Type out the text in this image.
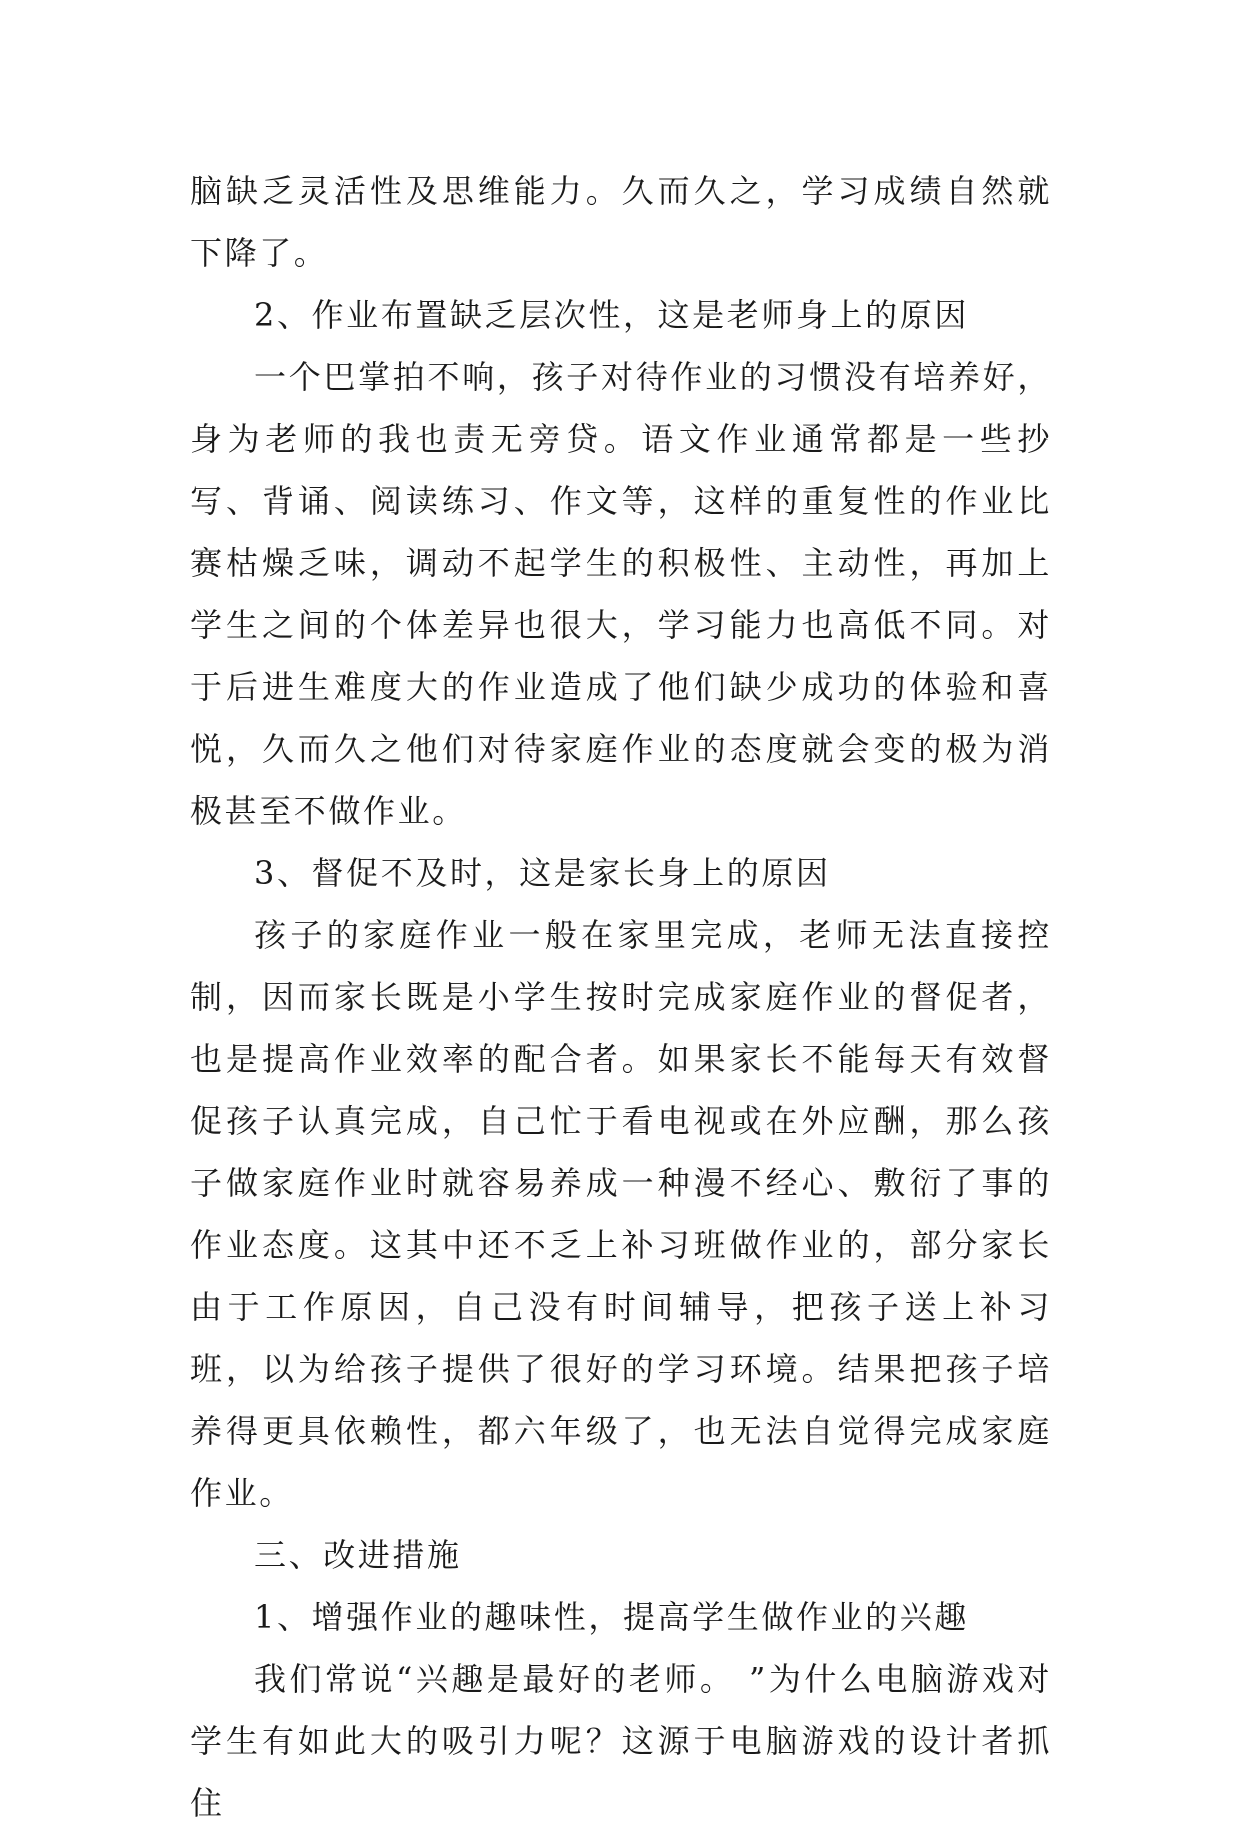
脑缺乏灵活性及思维能力。久而久之，学习成绩自然就下降了。

2、作业布置缺乏层次性，这是老师身上的原因

一个巴掌拍不响，孩子对待作业的习惯没有培养好，身为老师的我也责无旁贷。语文作业通常都是一些抄写、背诵、阅读练习、作文等，这样的重复性的作业比赛枯燥乏味，调动不起学生的积极性、主动性，再加上学生之间的个体差异也很大，学习能力也高低不同。对于后进生难度大的作业造成了他们缺少成功的体验和喜悦，久而久之他们对待家庭作业的态度就会变的极为消极甚至不做作业。

3、督促不及时，这是家长身上的原因

孩子的家庭作业一般在家里完成，老师无法直接控制，因而家长既是小学生按时完成家庭作业的督促者，也是提高作业效率的配合者。如果家长不能每天有效督促孩子认真完成，自己忙于看电视或在外应酬，那么孩子做家庭作业时就容易养成一种漫不经心、敷衍了事的作业态度。这其中还不乏上补习班做作业的，部分家长由于工作原因，自己没有时间辅导，把孩子送上补习班，以为给孩子提供了很好的学习环境。结果把孩子培养得更具依赖性，都六年级了，也无法自觉得完成家庭作业。

三、改进措施

1、增强作业的趣味性，提高学生做作业的兴趣

我们常说“兴趣是最好的老师。 ”为什么电脑游戏对学生有如此大的吸引力呢？这源于电脑游戏的设计者抓住
